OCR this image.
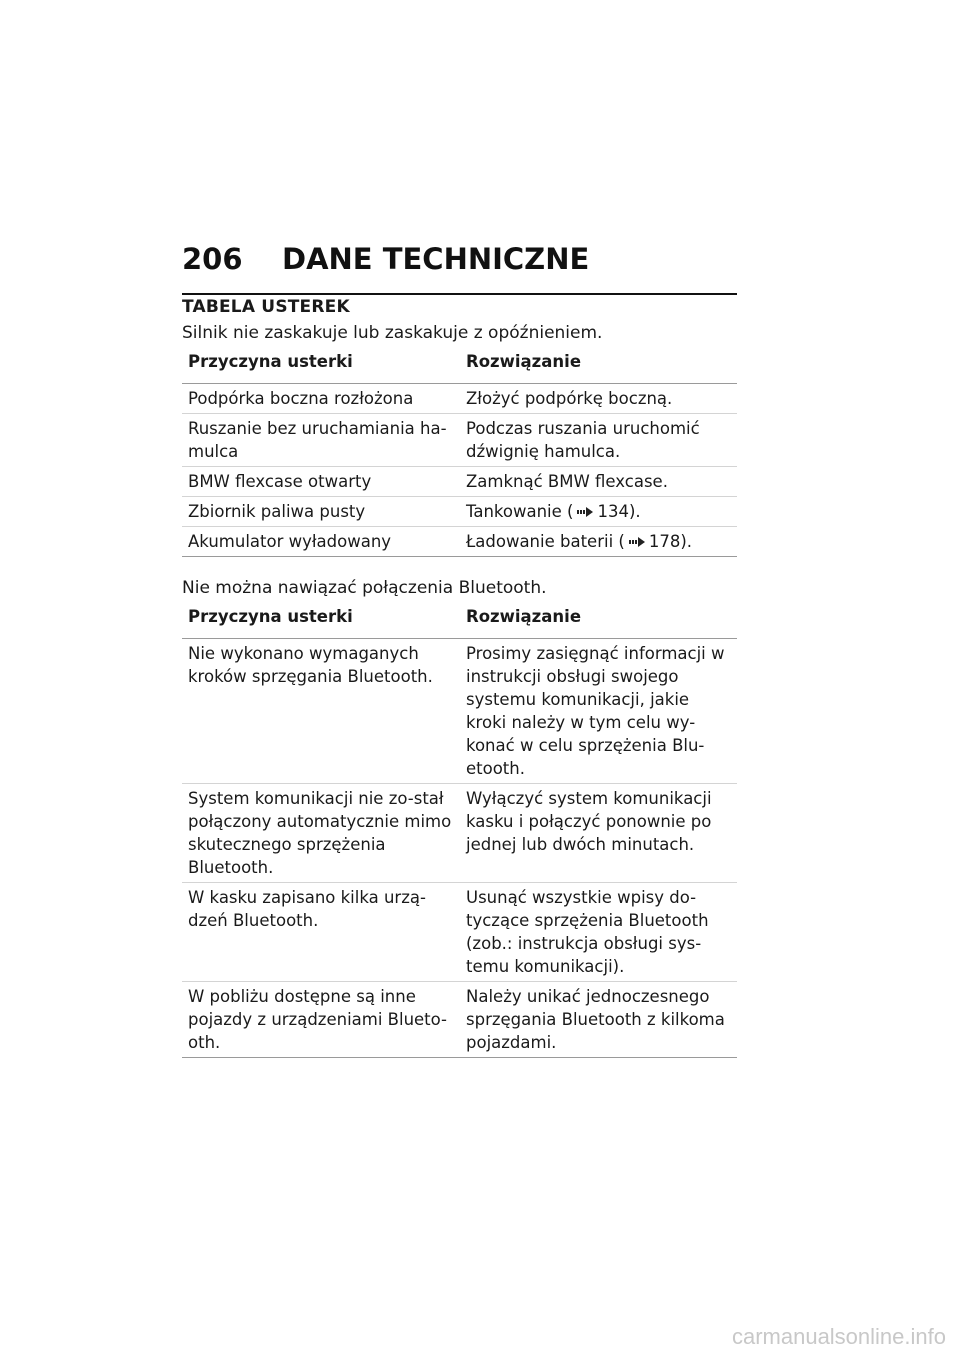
206	DANE TECHNICZNE
TABELA USTEREK

Silnik nie zaskakuje lub zaskakuje z opóźnieniem.

Przyczyna usterki	Rozwiązanie
Podpórka boczna rozłożona	Złożyć podpórkę boczną.
Ruszanie bez uruchamiania ha-mulca	Podczas ruszania uruchomić dźwignię hamulca.
BMW flexcase otwarty	Zamknąć BMW flexcase.
Zbiornik paliwa pusty	Tankowanie ( 134).
Akumulator wyładowany	Ładowanie baterii ( 178).

Nie można nawiązać połączenia Bluetooth.

Przyczyna usterki	Rozwiązanie
Nie wykonano wymaganych kroków sprzęgania Bluetooth.	Prosimy zasięgnąć informacji w instrukcji obsługi swojego systemu komunikacji, jakie kroki należy w tym celu wy-konać w celu sprzężenia Blu-etooth.
System komunikacji nie zo-stał połączony automatycznie mimo skutecznego sprzężenia Bluetooth.	Wyłączyć system komunikacji kasku i połączyć ponownie po jednej lub dwóch minutach.
W kasku zapisano kilka urzą-dzeń Bluetooth.	Usunąć wszystkie wpisy do-tyczące sprzężenia Bluetooth (zob.: instrukcja obsługi sys-temu komunikacji).
W pobliżu dostępne są inne pojazdy z urządzeniami Blueto-oth.	Należy unikać jednoczesnego sprzęgania Bluetooth z kilkoma pojazdami.
carmanualsonline.info
